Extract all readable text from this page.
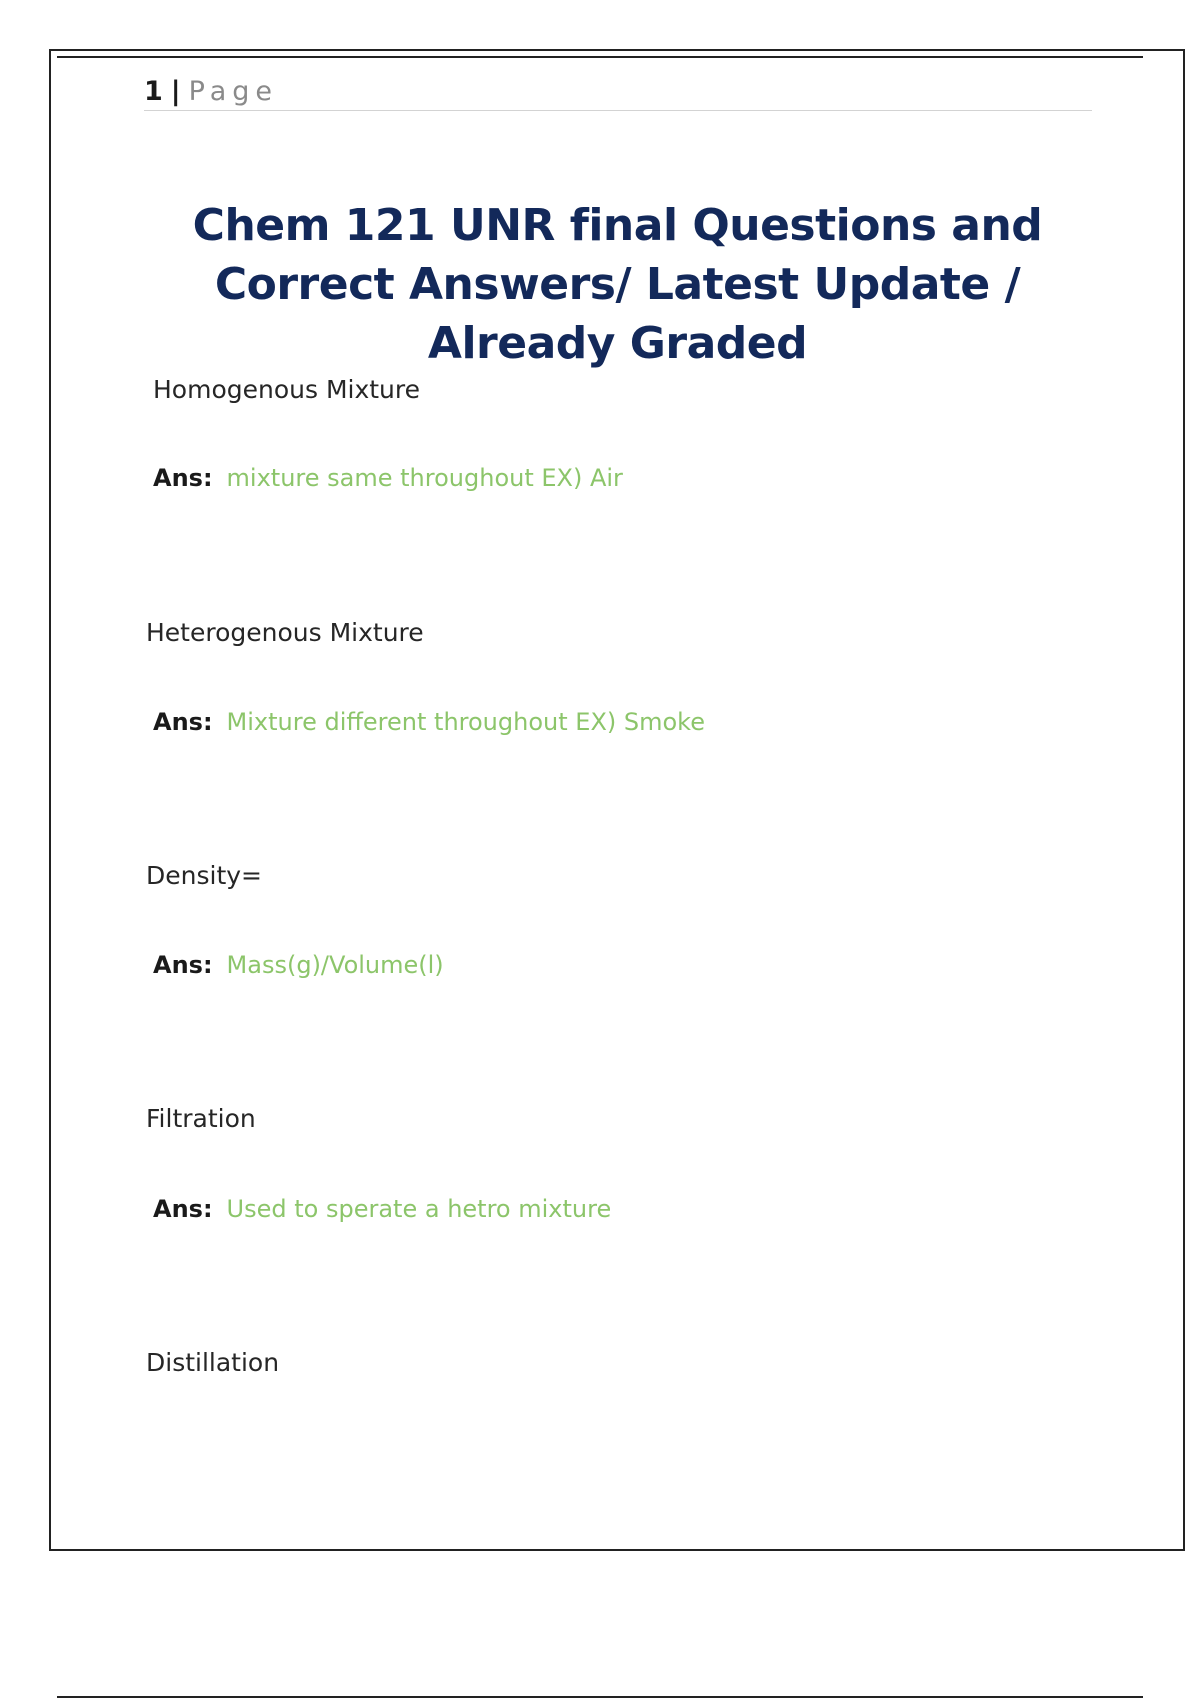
1 | Page
Chem 121 UNR final Questions and Correct Answers/ Latest Update / Already Graded
Homogenous Mixture
Ans: mixture same throughout EX) Air
Heterogenous Mixture
Ans: Mixture different throughout EX) Smoke
Density=
Ans: Mass(g)/Volume(l)
Filtration
Ans: Used to sperate a hetro mixture
Distillation
